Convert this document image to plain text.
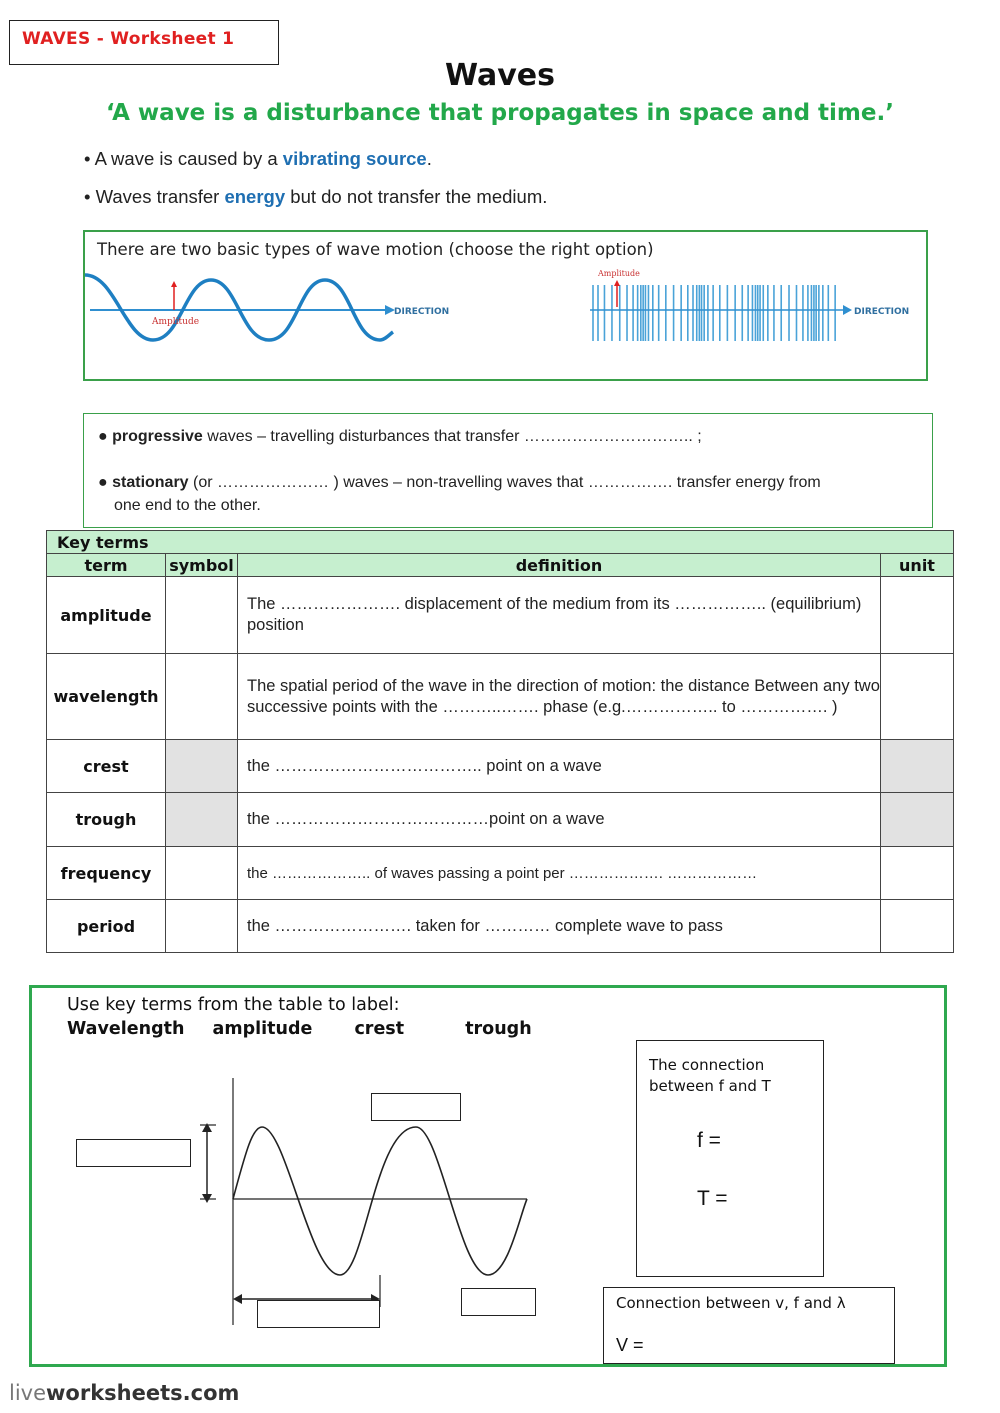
WAVES - Worksheet 1
Waves
‘A wave is a disturbance that propagates in space and time.’
• A wave is caused by a vibrating source.
• Waves transfer energy but do not transfer the medium.
There are two basic types of wave motion (choose the right option)
Amplitude
DIRECTION
Amplitude
DIRECTION
● progressive waves – travelling disturbances that transfer ………………………….. ;
● stationary (or ………………… ) waves – non-travelling waves that ……………. transfer energy from
one end to the other.
Key terms			
term	symbol	definition	unit
amplitude		The …………………. displacement of the medium from its …………….. (equilibrium) position	
wavelength		The spatial period of the wave in the direction of motion: the distance Between any two successive points with the ………..……. phase (e.g.…………….. to ……………. )	
crest		the ……………………………….. point on a wave	
trough		the …………………………………point on a wave	
frequency		the ……………….. of waves passing a point per ………………. ………………	
period		the ……………………. taken for ………… complete wave to pass	
Use key terms from the table to label:
Wavelength amplitude crest	trough
The connection between f and T
f =
T =
Connection between v, f and λ
V =
liveworksheets.com
